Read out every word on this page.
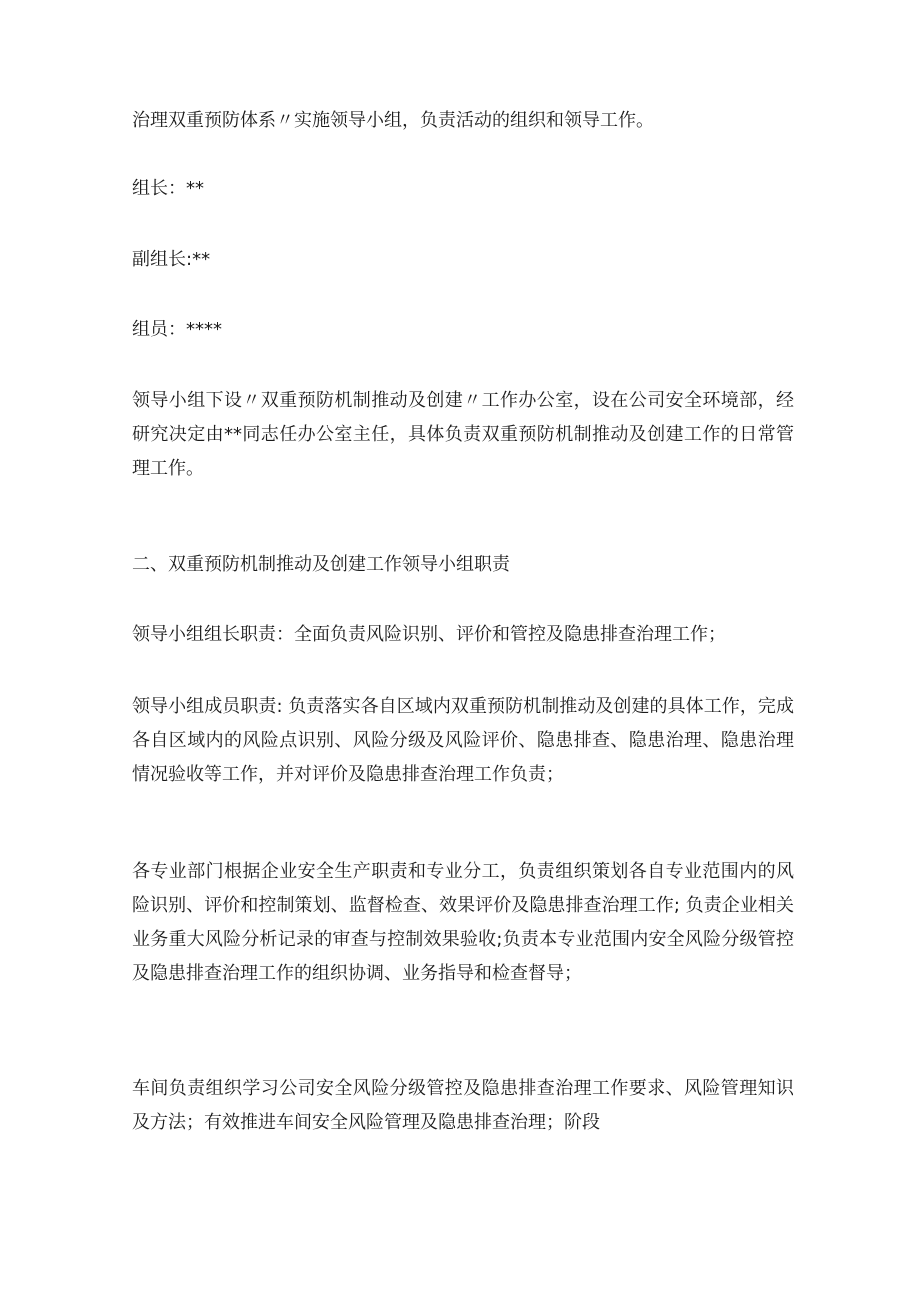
治理双重预防体系〃实施领导小组，负责活动的组织和领导工作。

组长：**

副组长:**

组员：****

领导小组下设〃双重预防机制推动及创建〃工作办公室，设在公司安全环境部，经研究决定由**同志任办公室主任，具体负责双重预防机制推动及创建工作的日常管理工作。

二、双重预防机制推动及创建工作领导小组职责

领导小组组长职责：全面负责风险识别、评价和管控及隐患排查治理工作；

领导小组成员职责: 负责落实各自区域内双重预防机制推动及创建的具体工作，完成各自区域内的风险点识别、风险分级及风险评价、隐患排查、隐患治理、隐患治理情况验收等工作，并对评价及隐患排查治理工作负责；

各专业部门根据企业安全生产职责和专业分工，负责组织策划各自专业范围内的风险识别、评价和控制策划、监督检查、效果评价及隐患排查治理工作; 负责企业相关业务重大风险分析记录的审查与控制效果验收;负责本专业范围内安全风险分级管控及隐患排查治理工作的组织协调、业务指导和检查督导；

车间负责组织学习公司安全风险分级管控及隐患排查治理工作要求、风险管理知识及方法；有效推进车间安全风险管理及隐患排查治理；阶段
